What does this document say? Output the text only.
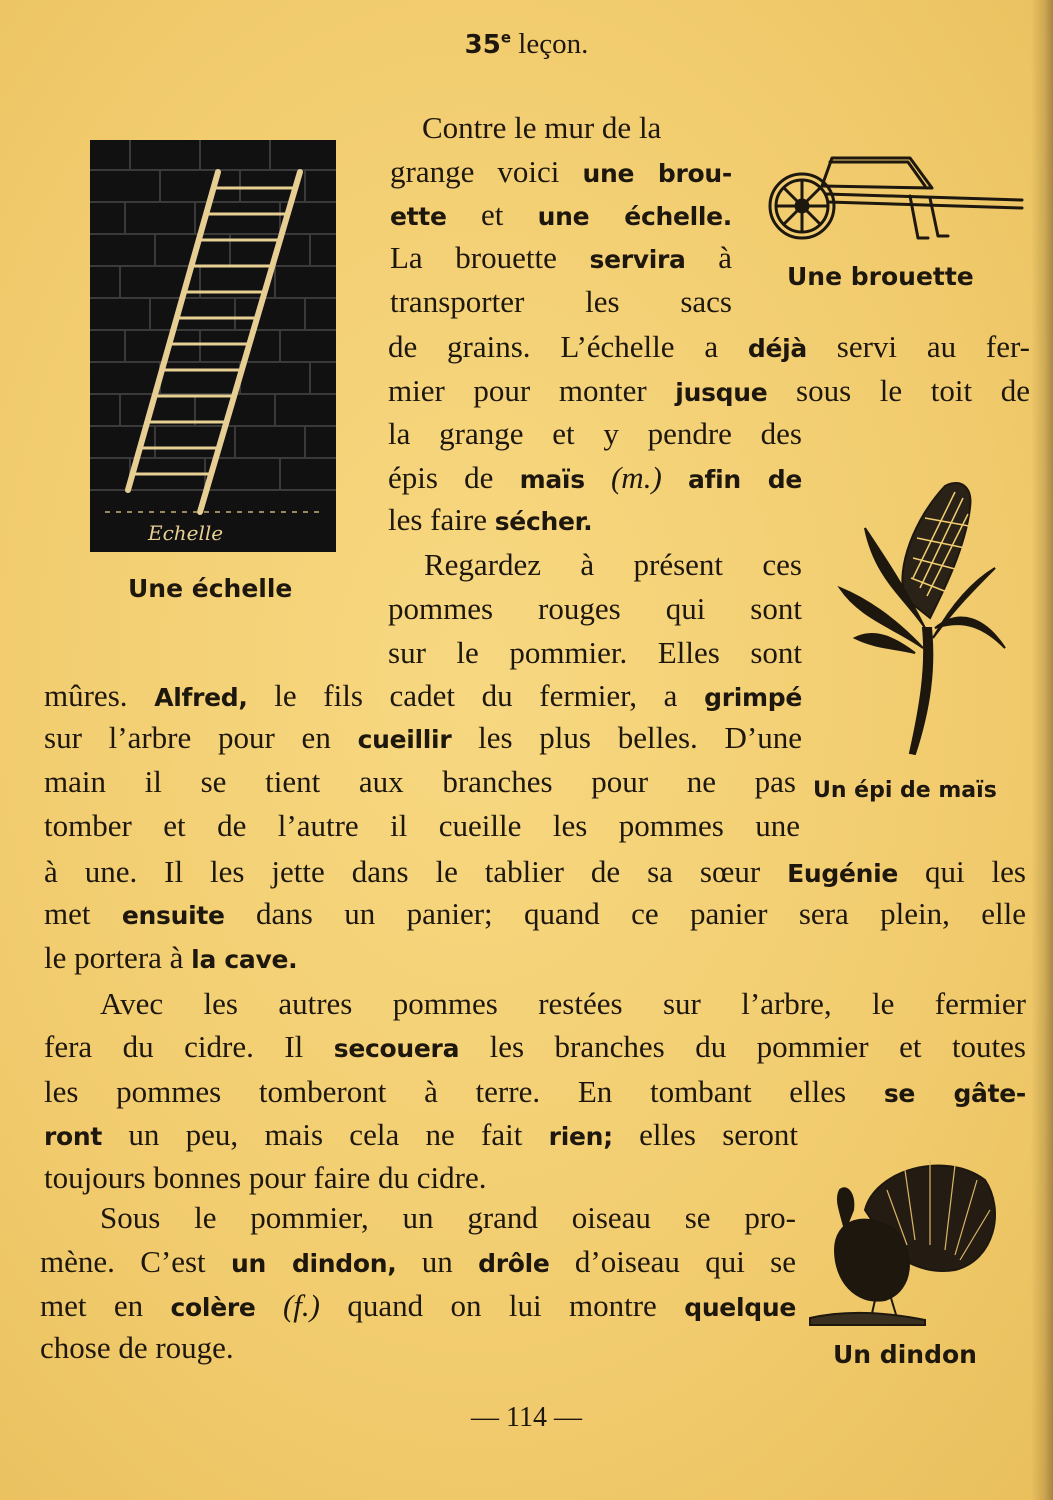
35e leçon.
Echelle
Une échelle
Une brouette
Un épi de maïs
Un dindon
Contre le mur de la
grange voici une brou-
ette et une échelle.
La brouette servira à
transporter les sacs
de grains. L’échelle a déjà servi au fer-
mier pour monter jusque sous le toit de
la grange et y pendre des
épis de maïs (m.) afin de
les faire sécher.
Regardez à présent ces
pommes rouges qui sont
sur le pommier. Elles sont
mûres. Alfred, le fils cadet du fermier, a grimpé
sur l’arbre pour en cueillir les plus belles. D’une
main il se tient aux branches pour ne pas
tomber et de l’autre il cueille les pommes une
à une. Il les jette dans le tablier de sa sœur Eugénie qui les
met ensuite dans un panier; quand ce panier sera plein, elle
le portera à la cave.
Avec les autres pommes restées sur l’arbre, le fermier
fera du cidre. Il secouera les branches du pommier et toutes
les pommes tomberont à terre. En tombant elles se gâte-
ront un peu, mais cela ne fait rien; elles seront
toujours bonnes pour faire du cidre.
Sous le pommier, un grand oiseau se pro-
mène. C’est un dindon, un drôle d’oiseau qui se
met en colère (f.) quand on lui montre quelque
chose de rouge.
— 114 —
